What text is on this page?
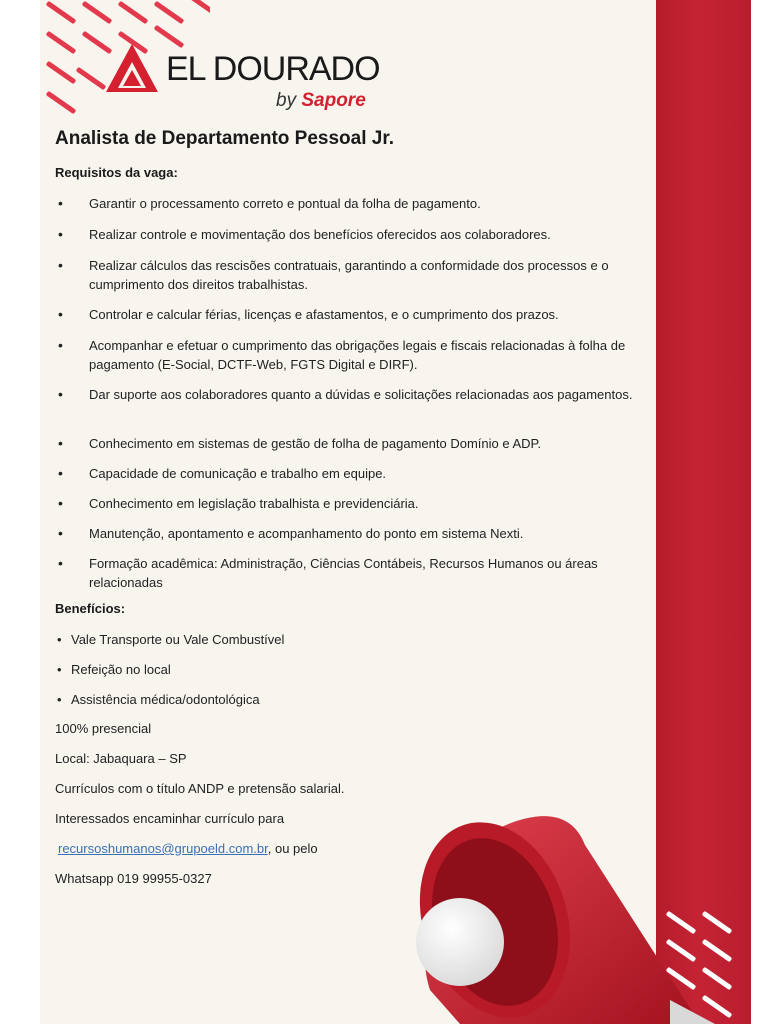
EL DOURADO
by Sapore
Analista de Departamento Pessoal Jr.
Requisitos da vaga:
• Garantir o processamento correto e pontual da folha de pagamento.
• Realizar controle e movimentação dos benefícios oferecidos aos colaboradores.
• Realizar cálculos das rescisões contratuais, garantindo a conformidade dos processos e o cumprimento dos direitos trabalhistas.
• Controlar e calcular férias, licenças e afastamentos, e o cumprimento dos prazos.
• Acompanhar e efetuar o cumprimento das obrigações legais e fiscais relacionadas à folha de pagamento (E-Social, DCTF-Web, FGTS Digital e DIRF).
• Dar suporte aos colaboradores quanto a dúvidas e solicitações relacionadas aos pagamentos.
• Conhecimento em sistemas de gestão de folha de pagamento Domínio e ADP.
• Capacidade de comunicação e trabalho em equipe.
• Conhecimento em legislação trabalhista e previdenciária.
• Manutenção, apontamento e acompanhamento do ponto em sistema Nexti.
• Formação acadêmica: Administração, Ciências Contábeis, Recursos Humanos ou áreas relacionadas
Benefícios:
• Vale Transporte ou Vale Combustível
• Refeição no local
• Assistência médica/odontológica
100% presencial
Local: Jabaquara – SP
Currículos com o título ANDP e pretensão salarial.
Interessados encaminhar currículo para
recursoshumanos@grupoeld.com.br, ou pelo
Whatsapp 019 99955-0327
